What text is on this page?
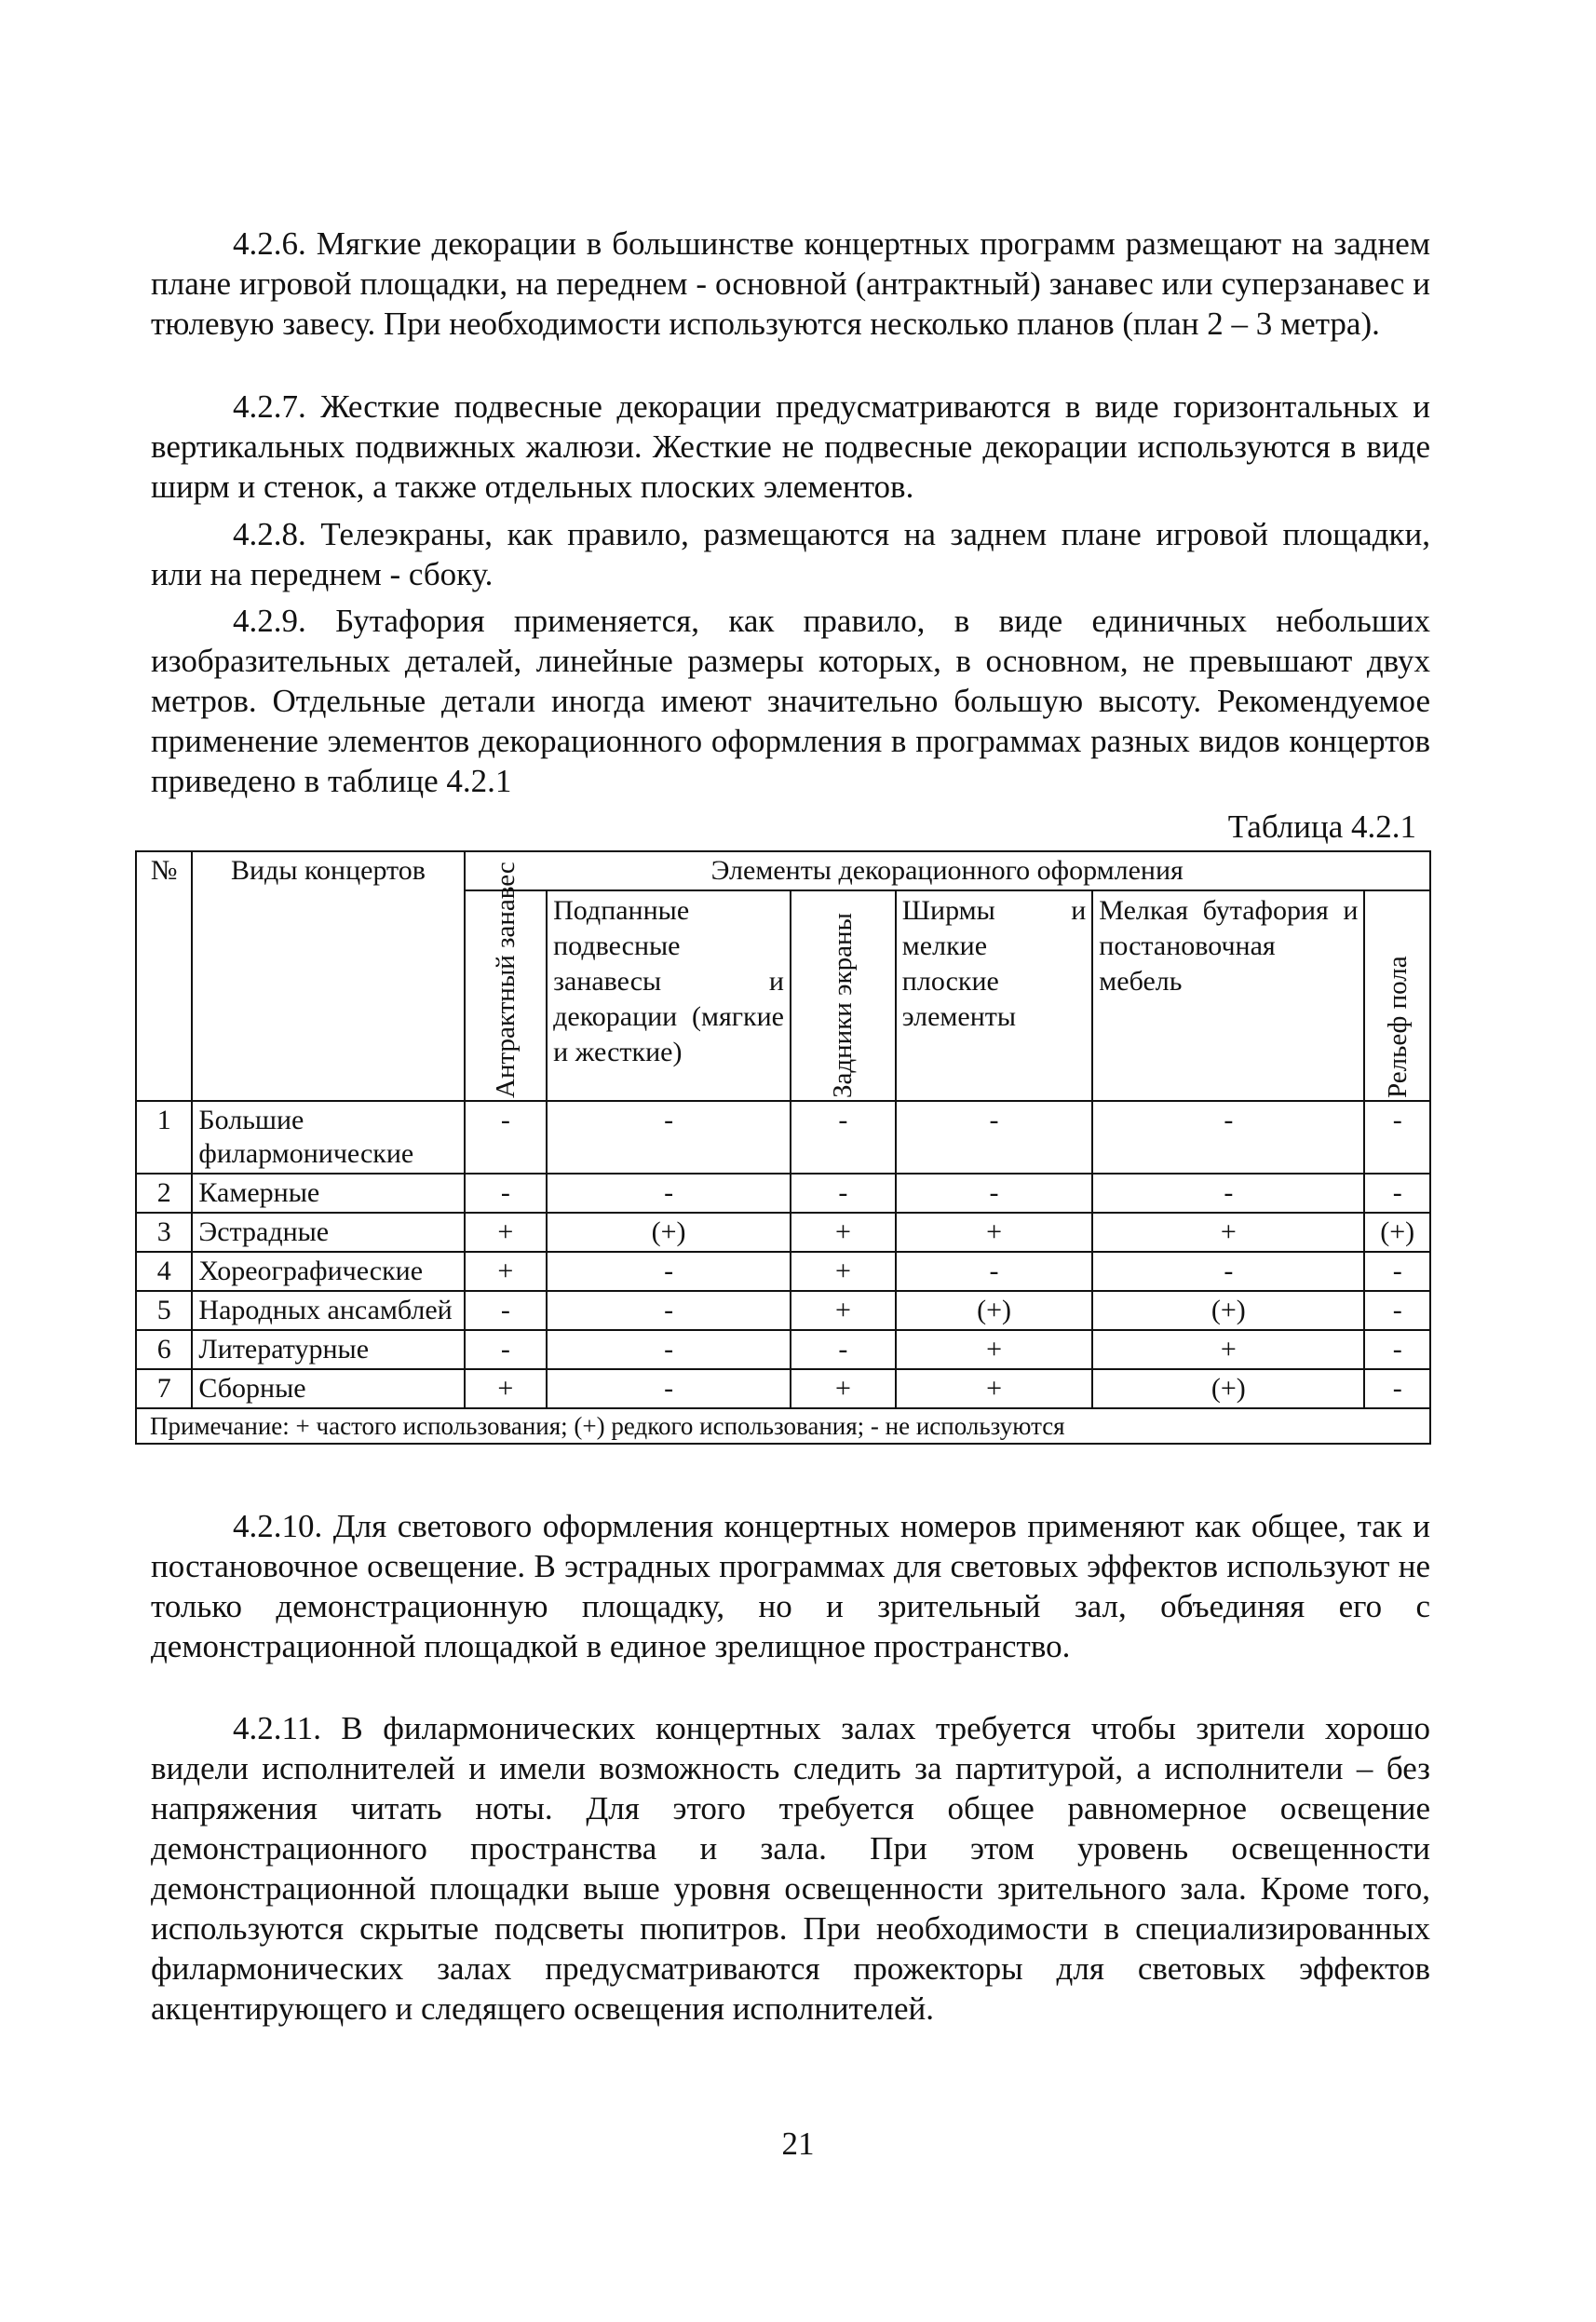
4.2.6. Мягкие декорации в большинстве концертных программ размещают на заднем плане игровой площадки, на переднем - основной (антрактный) занавес или суперзанавес и тюлевую завесу. При необходимости используются несколько планов (план 2 – 3 метра).

4.2.7. Жесткие подвесные декорации предусматриваются в виде горизонтальных и вертикальных подвижных жалюзи. Жесткие не подвесные декорации используются в виде ширм и стенок, а также отдельных плоских элементов.

4.2.8. Телеэкраны, как правило, размещаются на заднем плане игровой площадки, или на переднем - сбоку.

4.2.9. Бутафория применяется, как правило, в виде единичных небольших изобразительных деталей, линейные размеры которых, в основном, не превышают двух метров. Отдельные детали иногда имеют значительно большую высоту. Рекомендуемое применение элементов декорационного оформления в программах разных видов концертов приведено в таблице 4.2.1

Таблица 4.2.1
№	Виды концертов	Элементы декорационного оформления					

		Антрактный занавес	Подпанные подвесные занавесы и декорации (мягкие и жесткие)	Задники экраны	Ширмы и мелкие плоские элементы	Мелкая бутафория и постановочная мебель	Рельеф пола

1	Большие филармонические	-	-	-	-	-	-
2	Камерные	-	-	-	-	-	-
3	Эстрадные	+	(+)	+	+	+	(+)
4	Хореографические	+	-	+	-	-	-
5	Народных ансамблей	-	-	+	(+)	(+)	-
6	Литературные	-	-	-	+	+	-
7	Сборные	+	-	+	+	(+)	-
Примечание: + частого использования; (+) редкого использования; - не используются							

4.2.10. Для светового оформления концертных номеров применяют как общее, так и постановочное освещение. В эстрадных программах для световых эффектов используют не только демонстрационную площадку, но и зрительный зал, объединяя его с демонстрационной площадкой в единое зрелищное пространство.

4.2.11. В филармонических концертных залах требуется чтобы зрители хорошо видели исполнителей и имели возможность следить за партитурой, а исполнители – без напряжения читать ноты. Для этого требуется общее равномерное освещение демонстрационного пространства и зала. При этом уровень освещенности демонстрационной площадки выше уровня освещенности зрительного зала. Кроме того, используются скрытые подсветы пюпитров. При необходимости в специализированных филармонических залах предусматриваются прожекторы для световых эффектов акцентирующего и следящего освещения исполнителей.

21
